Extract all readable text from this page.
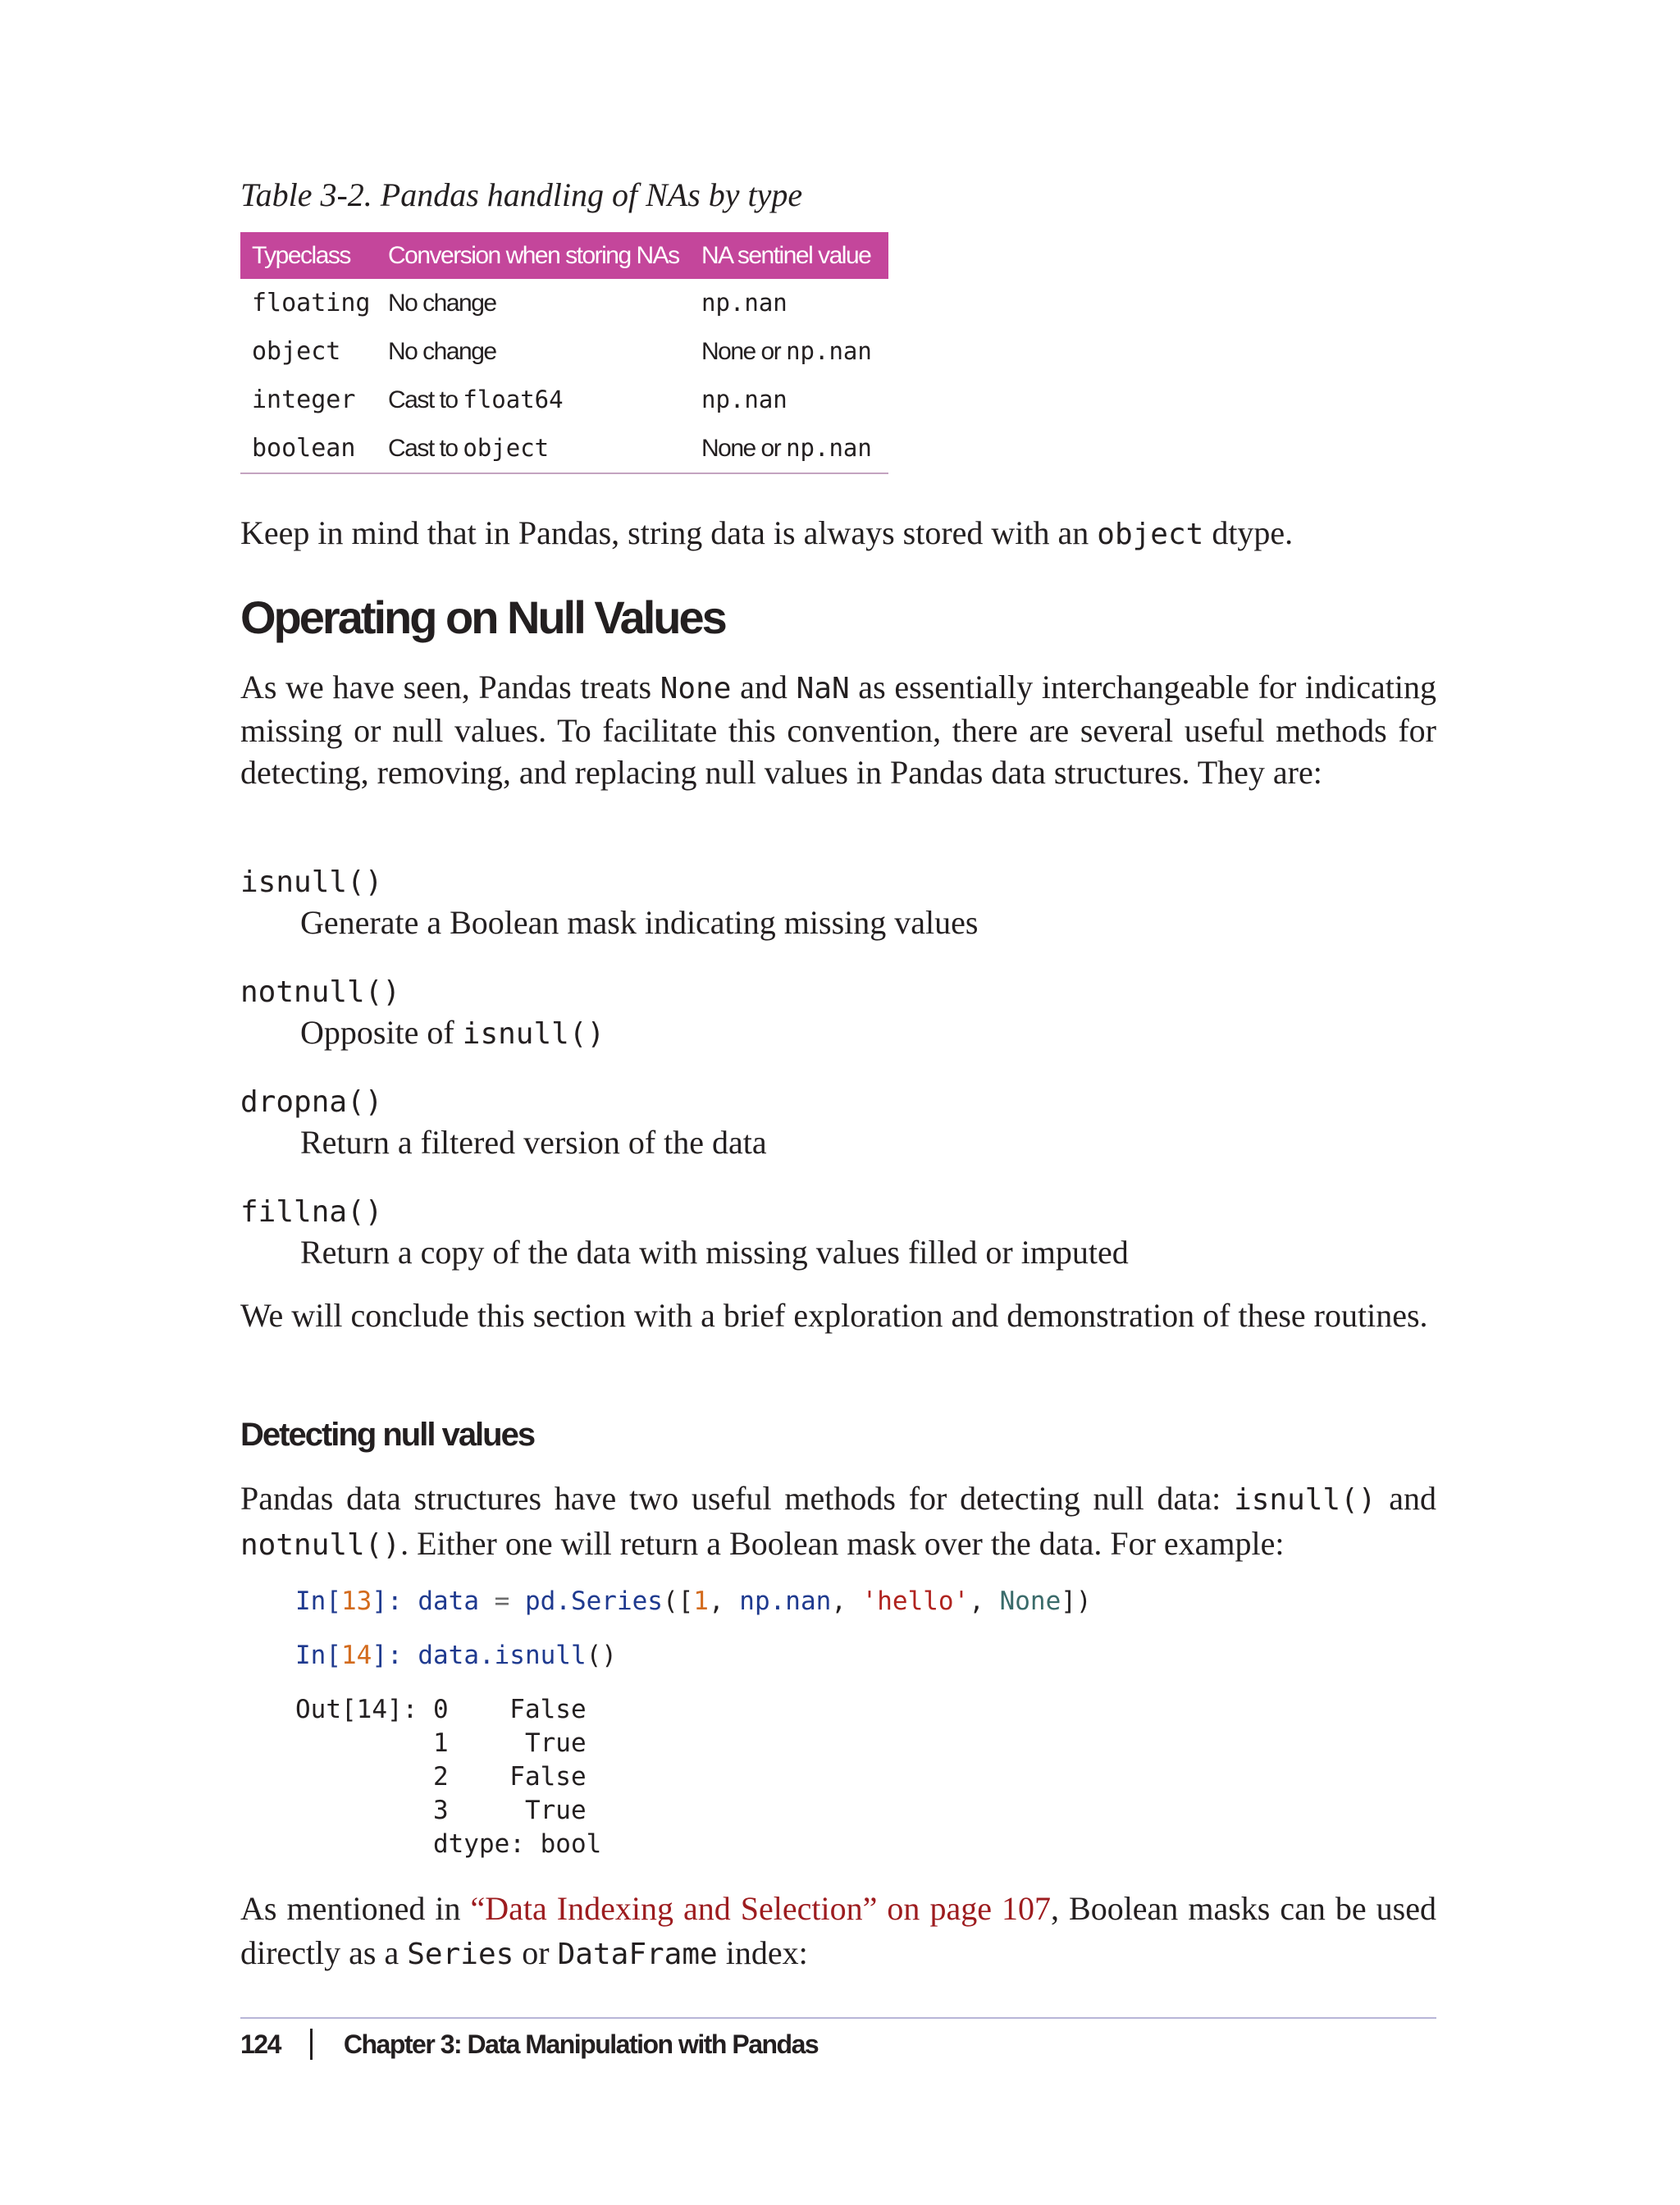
Table 3-2. Pandas handling of NAs by type
Typeclass	Conversion when storing NAs	NA sentinel value
floating	No change	np.nan
object	No change	None or np.nan
integer	Cast to float64	np.nan
boolean	Cast to object	None or np.nan

Keep in mind that in Pandas, string data is always stored with an object dtype.

Operating on Null Values

As we have seen, Pandas treats None and NaN as essentially interchangeable for indicating missing or null values. To facilitate this convention, there are several useful methods for detecting, removing, and replacing null values in Pandas data structures. They are:

isnull()
Generate a Boolean mask indicating missing values
notnull()
Opposite of isnull()
dropna()
Return a filtered version of the data
fillna()
Return a copy of the data with missing values filled or imputed

We will conclude this section with a brief exploration and demonstration of these routines.

Detecting null values

Pandas data structures have two useful methods for detecting null data: isnull() and notnull(). Either one will return a Boolean mask over the data. For example:

In[13]: data = pd.Series([1, np.nan, 'hello', None])
In[14]: data.isnull()
Out[14]: 0    False
1     True
2    False
3     True
dtype: bool

As mentioned in “Data Indexing and Selection” on page 107, Boolean masks can be used directly as a Series or DataFrame index:

124 Chapter 3: Data Manipulation with Pandas
